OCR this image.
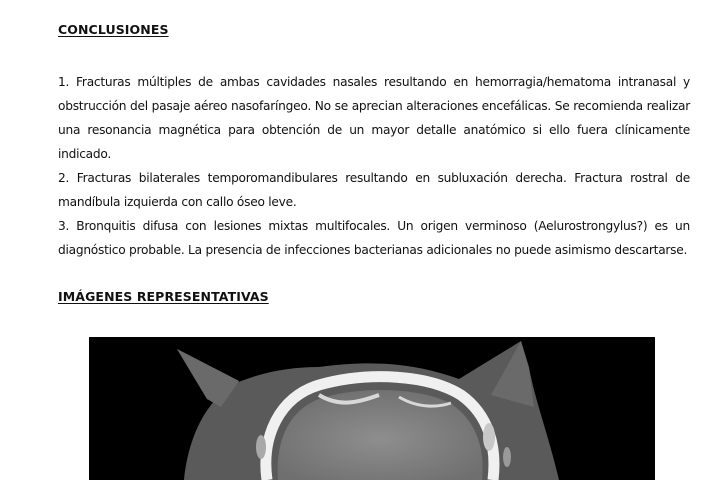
CONCLUSIONES

1. Fracturas múltiples de ambas cavidades nasales resultando en hemorragia/hematoma intranasal y obstrucción del pasaje aéreo nasofaríngeo. No se aprecian alteraciones encefálicas. Se recomienda realizar una resonancia magnética para obtención de un mayor detalle anatómico si ello fuera clínicamente indicado.

2. Fracturas bilaterales temporomandibulares resultando en subluxación derecha. Fractura rostral de mandíbula izquierda con callo óseo leve.

3. Bronquitis difusa con lesiones mixtas multifocales. Un origen verminoso (Aelurostrongylus?) es un diagnóstico probable. La presencia de infecciones bacterianas adicionales no puede asimismo descartarse.

IMÁGENES REPRESENTATIVAS
